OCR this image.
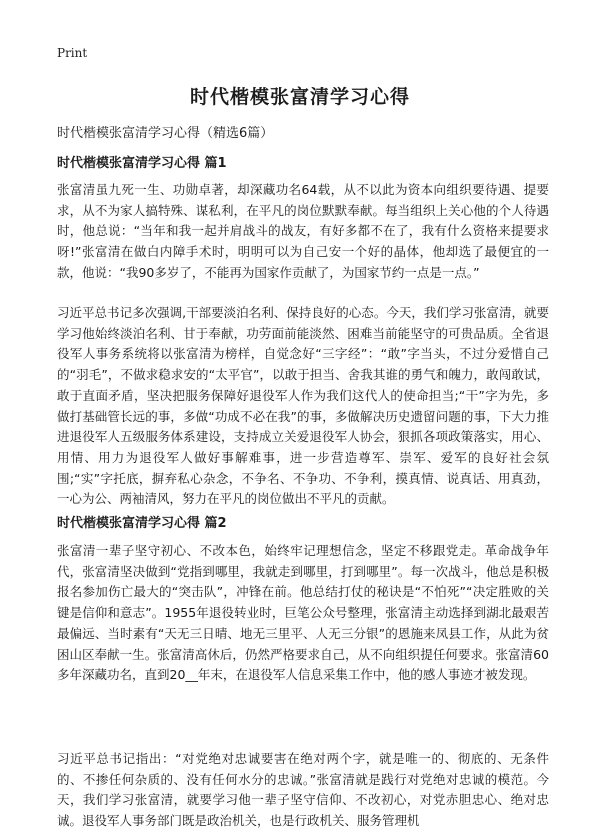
Print
时代楷模张富清学习心得

时代楷模张富清学习心得（精选6篇）

时代楷模张富清学习心得 篇1

张富清虽九死一生、功勋卓著，却深藏功名64载，从不以此为资本向组织要待遇、提要求，从不为家人搞特殊、谋私利，在平凡的岗位默默奉献。每当组织上关心他的个人待遇时，他总说：“当年和我一起并肩战斗的战友，有好多都不在了，我有什么资格来提要求呀!”张富清在做白内障手术时，明明可以为自己安一个好的晶体，他却选了最便宜的一款，他说：“我90多岁了，不能再为国家作贡献了，为国家节约一点是一点。”

习近平总书记多次强调,干部要淡泊名利、保持良好的心态。今天，我们学习张富清，就要学习他始终淡泊名利、甘于奉献，功劳面前能淡然、困难当前能坚守的可贵品质。全省退役军人事务系统将以张富清为榜样，自觉念好“三字经”：“敢”字当头，不过分爱惜自己的“羽毛”，不做求稳求安的“太平官”，以敢于担当、舍我其谁的勇气和魄力，敢闯敢试，敢于直面矛盾，坚决把服务保障好退役军人作为我们这代人的使命担当;“干”字为先，多做打基础管长远的事，多做“功成不必在我”的事，多做解决历史遗留问题的事，下大力推进退役军人五级服务体系建设，支持成立关爱退役军人协会，狠抓各项政策落实，用心、用情、用力为退役军人做好事解难事，进一步营造尊军、崇军、爱军的良好社会氛围;“实”字托底，摒弃私心杂念，不争名、不争功、不争利，摸真情、说真话、用真劲，一心为公、两袖清风，努力在平凡的岗位做出不平凡的贡献。

时代楷模张富清学习心得 篇2

张富清一辈子坚守初心、不改本色，始终牢记理想信念，坚定不移跟党走。革命战争年代，张富清坚决做到“党指到哪里，我就走到哪里，打到哪里”。每一次战斗，他总是积极报名参加伤亡最大的“突击队”，冲锋在前。他总结打仗的秘诀是“不怕死”“决定胜败的关键是信仰和意志”。1955年退役转业时，巨笔公众号整理，张富清主动选择到湖北最艰苦最偏远、当时素有“天无三日晴、地无三里平、人无三分银”的恩施来凤县工作，从此为贫困山区奉献一生。张富清高休后，仍然严格要求自己，从不向组织提任何要求。张富清60多年深藏功名，直到20__年末，在退役军人信息采集工作中，他的感人事迹才被发现。

习近平总书记指出：“对党绝对忠诚要害在绝对两个字，就是唯一的、彻底的、无条件的、不掺任何杂质的、没有任何水分的忠诚。”张富清就是践行对党绝对忠诚的模范。今天，我们学习张富清，就要学习他一辈子坚守信仰、不改初心，对党赤胆忠心、绝对忠诚。退役军人事务部门既是政治机关，也是行政机关、服务管理机
